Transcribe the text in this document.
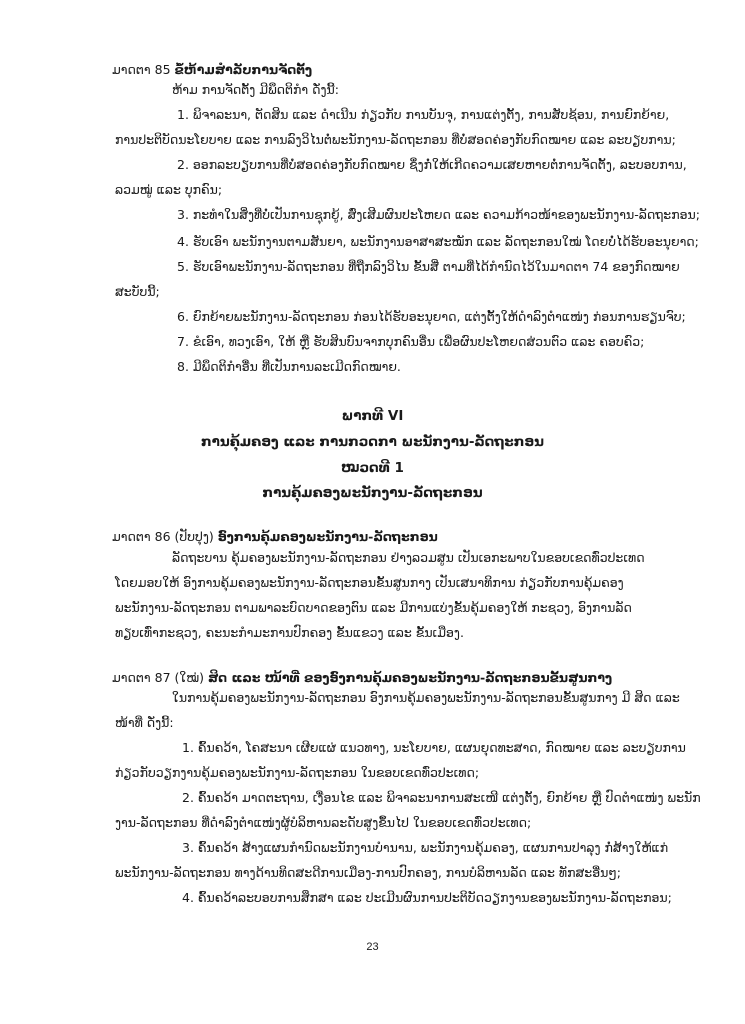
ມາດຕາ 85 ຂໍ້ຫ້າມສຳລັບການຈັດຕັ້ງ
ຫ້າມ ການຈັດຕັ້ງ ມີພຶດຕິກຳ ດັ່ງນີ້:
1. ພິຈາລະນາ, ຕັດສິນ ແລະ ດຳເນີນ ກ່ຽວກັບ ການບັນຈຸ, ການແຕ່ງຕັ້ງ, ການສັບຊ້ອນ, ການຍົກຍ້າຍ,
ການປະຕິບັດນະໂຍບາຍ ແລະ ການລົງວິໄນຕໍ່ພະນັກງານ-ລັດຖະກອນ ທີ່ບໍ່ສອດຄ່ອງກັບກົດໝາຍ ແລະ ລະບຽບການ;
2. ອອກລະບຽບການທີ່ບໍ່ສອດຄ່ອງກັບກົດໝາຍ ຊຶ່ງກໍ່ໃຫ້ເກີດຄວາມເສຍຫາຍຕໍ່ການຈັດຕັ້ງ, ລະບອບການ,
ລວມໝູ່ ແລະ ບຸກຄົນ;
3. ກະທຳໃນສິ່ງທີ່ບໍ່ເປັນການຊຸກຍູ້, ສົ່ງເສີມຜົນປະໂຫຍດ ແລະ ຄວາມກ້າວໜ້າຂອງພະນັກງານ-ລັດຖະກອນ;
4. ຮັບເອົາ ພະນັກງານຕາມສັນຍາ, ພະນັກງານອາສາສະໝັກ ແລະ ລັດຖະກອນໃໝ່ ໂດຍບໍ່ໄດ້ຮັບອະນຸຍາດ;
5. ຮັບເອົາພະນັກງານ-ລັດຖະກອນ ທີ່ຖືກລົງວິໄນ ຂັ້ນສີ່ ຕາມທີ່ໄດ້ກຳນົດໄວ້ໃນມາດຕາ 74 ຂອງກົດໝາຍ
ສະບັບນີ້;
6. ຍົກຍ້າຍພະນັກງານ-ລັດຖະກອນ ກ່ອນໄດ້ຮັບອະນຸຍາດ, ແຕ່ງຕັ້ງໃຫ້ດຳລົງຕຳແໜ່ງ ກ່ອນການຮຽນຈົບ;
7. ຂໍເອົາ, ທວງເອົາ, ໃຫ້ ຫຼື ຮັບສິນບົນຈາກບຸກຄົນອື່ນ ເພື່ອຜົນປະໂຫຍດສ່ວນຕົວ ແລະ ຄອບຄົວ;
8. ມີພຶດຕິກຳອື່ນ ທີ່ເປັນການລະເມີດກົດໝາຍ.
ພາກທີ VI
ການຄຸ້ມຄອງ ແລະ ການກວດກາ ພະນັກງານ-ລັດຖະກອນ
ໝວດທີ 1
ການຄຸ້ມຄອງພະນັກງານ-ລັດຖະກອນ
ມາດຕາ 86 (ປັບປຸງ) ອົງການຄຸ້ມຄອງພະນັກງານ-ລັດຖະກອນ
ລັດຖະບານ ຄຸ້ມຄອງພະນັກງານ-ລັດຖະກອນ ຢ່າງລວມສູນ ເປັນເອກະພາບໃນຂອບເຂດທົ່ວປະເທດ
ໂດຍມອບໃຫ້ ອົງການຄຸ້ມຄອງພະນັກງານ-ລັດຖະກອນຂັ້ນສູນກາງ ເປັນເສນາທິການ ກ່ຽວກັບການຄຸ້ມຄອງ
ພະນັກງານ-ລັດຖະກອນ ຕາມພາລະບົດບາດຂອງຕົນ ແລະ ມີການແບ່ງຂັ້ນຄຸ້ມຄອງໃຫ້ ກະຊວງ, ອົງການລັດ
ທຽບເທົ່າກະຊວງ, ຄະນະກຳມະການປົກຄອງ ຂັ້ນແຂວງ ແລະ ຂັ້ນເມືອງ.
ມາດຕາ 87 (ໃໝ່) ສິດ ແລະ ໜ້າທີ່ ຂອງອົງການຄຸ້ມຄອງພະນັກງານ-ລັດຖະກອນຂັ້ນສູນກາງ
ໃນການຄຸ້ມຄອງພະນັກງານ-ລັດຖະກອນ ອົງການຄຸ້ມຄອງພະນັກງານ-ລັດຖະກອນຂັ້ນສູນກາງ ມີ ສິດ ແລະ
ໜ້າທີ່ ດັ່ງນີ້:
1. ຄົ້ນຄວ້າ, ໂຄສະນາ ເຜີຍແຜ່ ແນວທາງ, ນະໂຍບາຍ, ແຜນຍຸດທະສາດ, ກົດໝາຍ ແລະ ລະບຽບການ
ກ່ຽວກັບວຽກງານຄຸ້ມຄອງພະນັກງານ-ລັດຖະກອນ ໃນຂອບເຂດທົ່ວປະເທດ;
2. ຄົ້ນຄວ້າ ມາດຕະຖານ, ເງື່ອນໄຂ ແລະ ພິຈາລະນາການສະເໜີ ແຕ່ງຕັ້ງ, ຍົກຍ້າຍ ຫຼື ປົດຕຳແໜ່ງ ພະນັກ
ງານ-ລັດຖະກອນ ທີ່ດຳລົງຕຳແໜ່ງຜູ້ບໍລິຫານລະດັບສູງຂຶ້ນໄປ ໃນຂອບເຂດທົ່ວປະເທດ;
3. ຄົ້ນຄວ້າ ສ້າງແຜນກຳນົດພະນັກງານບຳນານ, ພະນັກງານຄຸ້ມຄອງ, ແຜນການປາລຸງ ກໍ່ສ້າງໃຫ້ແກ່
ພະນັກງານ-ລັດຖະກອນ ທາງດ້ານທິດສະດີການເມືອງ-ການປົກຄອງ, ການບໍລິຫານລັດ ແລະ ທັກສະອື່ນໆ;
4. ຄົ້ນຄວ້າລະບອບການສຶກສາ ແລະ ປະເມີນຜົນການປະຕິບັດວຽກງານຂອງພະນັກງານ-ລັດຖະກອນ;
23
